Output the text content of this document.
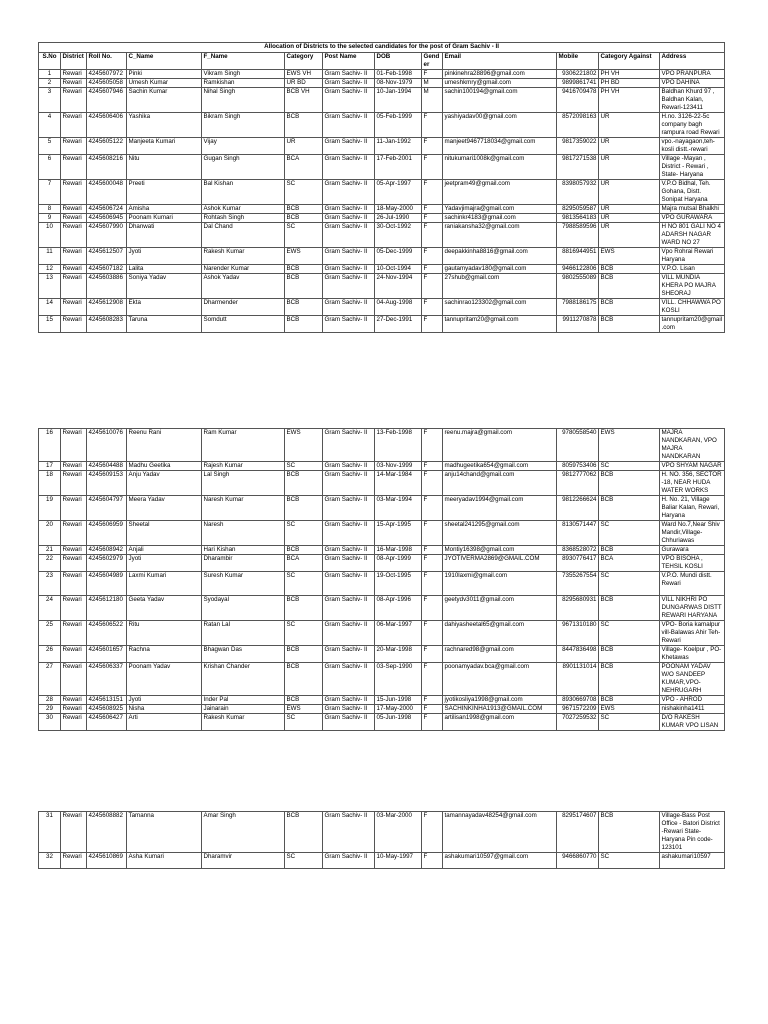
Allocation of Districts to the selected candidates for the post of Gram Sachiv - II												
S.No	District	Roll No.	C_Name	F_Name	Category	Post Name	DOB	Gender	Email	Mobile	Category Against	Address
1	Rewari	4245607972	Pinki	Vikram Singh	EWS VH	Gram Sachiv- II	01-Feb-1998	F	pinkinehra28896@gmail.com	9306221802	PH VH	VPO PRANPURA
2	Rewari	4245605058	Umesh Kumar	Ramkishan	UR BD	Gram Sachiv- II	08-Nov-1979	M	umeshkmry@gmail.com	9899861741	PH BD	VPO DAHINA
3	Rewari	4245607946	Sachin Kumar	Nihal Singh	BCB VH	Gram Sachiv- II	10-Jan-1994	M	sachin100194@gmail.com	9416709478	PH VH	Baldhan Khurd 97 , Baldhan Kalan, Rewari-123411
4	Rewari	4245606406	Yashika	Bikram Singh	BCB	Gram Sachiv- II	05-Feb-1999	F	yashiyadav00@gmail.com	8572098163	UR	H.no. 3126-22-5c company bagh rampura road Rewari
5	Rewari	4245605122	Manjeeta Kumari	Vijay	UR	Gram Sachiv- II	11-Jan-1992	F	manjeet9467718034@gmail.com	9817359022	UR	vpo.-nayagaon,teh-kosli distt.-rewari
6	Rewari	4245608216	Nitu	Gugan Singh	BCA	Gram Sachiv- II	17-Feb-2001	F	nitukumari1008k@gmail.com	9817271538	UR	Village -Mayan , District - Rewari , State- Haryana
7	Rewari	4245600048	Preeti	Bal Kishan	SC	Gram Sachiv- II	05-Apr-1997	F	jeetpram49@gmail.com	8398057932	UR	V.P.O Bidhal, Teh. Gohana, Distt. Sonipat Haryana
8	Rewari	4245606724	Amisha	Ashok Kumar	BCB	Gram Sachiv- II	18-May-2000	F	Yadavjimajra@gmail.com	8295059587	UR	Majra mutsal Bhalkhi
9	Rewari	4245606945	Poonam Kumari	Rohtash Singh	BCB	Gram Sachiv- II	26-Jul-1990	F	sachinkr4183@gmail.com	9813564183	UR	VPO GURAWARA
10	Rewari	4245607990	Dhanwati	Dal Chand	SC	Gram Sachiv- II	30-Oct-1992	F	raniakansha32@gmail.com	7988589596	UR	H NO 801 GALI NO 4 ADARSH NAGAR WARD NO 27
11	Rewari	4245612507	Jyoti	Rakesh Kumar	EWS	Gram Sachiv- II	05-Dec-1999	F	deepakkinha8816@gmail.com	8816944951	EWS	Vpo Rohrai Rewari Haryana
12	Rewari	4245607182	Lalita	Narender Kumar	BCB	Gram Sachiv- II	10-Oct-1994	F	gautamyadav180@gmail.com	9466122806	BCB	V.P.O. Lisan
13	Rewari	4245603886	Soniya Yadav	Ashok Yadav	BCB	Gram Sachiv- II	24-Nov-1994	F	27shub@gmail.com	9802555089	BCB	VILL MUNDIA KHERA PO MAJRA SHEORAJ
14	Rewari	4245612908	Ekta	Dharmender	BCB	Gram Sachiv- II	04-Aug-1998	F	sachinrao123302@gmail.com	7988186175	BCB	VILL. CHHAWWA PO KOSLI
15	Rewari	4245608283	Taruna	Somdutt	BCB	Gram Sachiv- II	27-Dec-1991	F	tannupritam20@gmail.com	9911270878	BCB	tannupritam20@gmail.com

16	Rewari	4245610076	Reenu Rani	Ram Kumar	EWS	Gram Sachiv- II	13-Feb-1998	F	reenu.majra@gmail.com	9780558540	EWS	MAJRA NANDKARAN, VPO MAJRA NANDKARAN
17	Rewari	4245604488	Madhu Geetika	Rajesh Kumar	SC	Gram Sachiv- II	03-Nov-1999	F	madhugeetika654@gmail.com	8059753406	SC	VPO SHYAM NAGAR
18	Rewari	4245609153	Anju Yadav	Lal Singh	BCB	Gram Sachiv- II	14-Mar-1984	F	anju14chand@gmail.com	9812777062	BCB	H. NO. 356, SECTOR -18, NEAR HUDA WATER WORKS
19	Rewari	4245604797	Meera Yadav	Naresh Kumar	BCB	Gram Sachiv- II	03-Mar-1994	F	meeryadav1994@gmail.com	9812266624	BCB	H. No. 21, Village Baliar Kalan, Rewari, Haryana
20	Rewari	4245606959	Sheetal	Naresh	SC	Gram Sachiv- II	15-Apr-1995	F	sheetal241295@gmail.com	8130571447	SC	Ward No.7,Near Shiv Mandir,Village-Chhuriawas
21	Rewari	4245608942	Anjali	Hari Kishan	BCB	Gram Sachiv- II	16-Mar-1998	F	Montiy16398@gmail.com	8368528072	BCB	Gurawara
22	Rewari	4245602979	Jyoti	Dharambir	BCA	Gram Sachiv- II	08-Apr-1999	F	JYOTIVERMA2869@GMAIL.COM	8930776417	BCA	VPO BISOHA , TEHSIL KOSLI
23	Rewari	4245604989	Laxmi Kumari	Suresh Kumar	SC	Gram Sachiv- II	19-Oct-1995	F	1910laxmi@gmail.com	7355267554	SC	V.P.O. Mundi distt. Rewari
24	Rewari	4245612180	Geeta Yadav	Syodayal	BCB	Gram Sachiv- II	08-Apr-1996	F	geetydv3011@gmail.com	8295680931	BCB	VILL NIKHRI PO DUNGARWAS DISTT REWARI HARYANA
25	Rewari	4245606522	Ritu	Ratan Lal	SC	Gram Sachiv- II	06-Mar-1997	F	dahiyasheetal65@gmail.com	9671310180	SC	VPO- Boria kamalpur vill-Balawas Ahir Teh-Rewari
26	Rewari	4245601657	Rachna	Bhagwan Das	BCB	Gram Sachiv- II	20-Mar-1998	F	rachnared98@gmail.com	8447836498	BCB	Village- Koelpur , PO- Khetawas
27	Rewari	4245606337	Poonam Yadav	Krishan Chander	BCB	Gram Sachiv- II	03-Sep-1990	F	poonamyadav.bca@gmail.com	8901131014	BCB	POONAM YADAV W/O SANDEEP KUMAR,VPO-NEHRUGARH
28	Rewari	4245613151	Jyoti	Inder Pal	BCB	Gram Sachiv- II	15-Jun-1998	F	jyotikosliya1998@gmail.com	8930669708	BCB	VPO - AHROD
29	Rewari	4245608925	Nisha	Jainarain	EWS	Gram Sachiv- II	17-May-2000	F	SACHINKINHA1913@GMAIL.COM	9671572209	EWS	nishakinha1411
30	Rewari	4245606427	Arti	Rakesh Kumar	SC	Gram Sachiv- II	05-Jun-1998	F	artilisan1998@gmail.com	7027259532	SC	D/O RAKESH KUMAR VPO LISAN

31	Rewari	4245608882	Tamanna	Amar Singh	BCB	Gram Sachiv- II	03-Mar-2000	F	tamannayadav48254@gmail.com	8295174607	BCB	Village-Bass Post Office - Batori District -Rewari State-Haryana Pin code-123101
32	Rewari	4245610869	Asha Kumari	Dharamvir	SC	Gram Sachiv- II	10-May-1997	F	ashakumari10597@gmail.com	9466860770	SC	ashakumari10597
